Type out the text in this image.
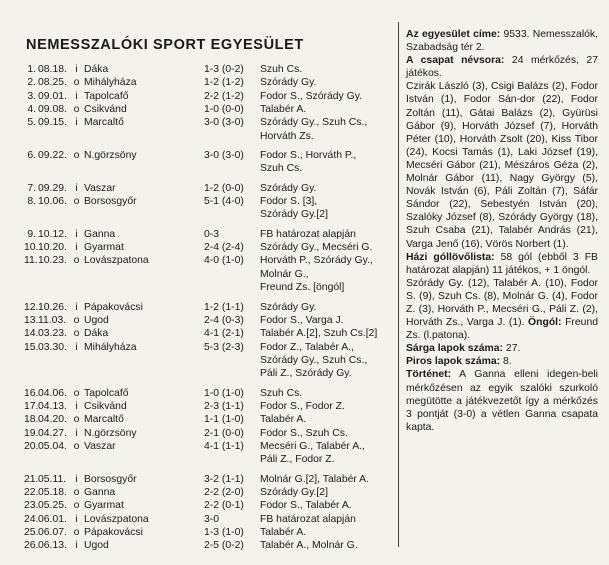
NEMESSZALÓKI SPORT EGYESÜLET
1. 08.18. i Dáka	1-3 (0-2)	Szuh Cs.
2. 08.25. o Mihályháza	1-2 (1-2)	Szórády Gy.
3. 09.01. i Tapolcafő	2-2 (1-2)	Fodor S., Szórády Gy.
4. 09.08. o Csikvánd	1-0 (0-0)	Talabér A.
5. 09.15. i Marcaltő	3-0 (3-0)	Szórády Gy., Szuh Cs.,
Horváth Zs.
6. 09.22. o N.görzsöny	3-0 (3-0)	Fodor S., Horváth P.,
Szuh Cs.
7. 09.29. i Vaszar	1-2 (0-0)	Szórády Gy.
8. 10.06. o Borsosgyőr	5-1 (4-0)	Fodor S. [3],
Szórády Gy.[2]
9. 10.12. i Ganna	0-3	FB határozat alapján
10. 10.20. i Gyarmat	2-4 (2-4)	Szórády Gy., Mecséri G.
11. 10.23. o Lovászpatona	4-0 (1-0)	Horváth P., Szórády Gy.,
Molnár G.,
Freund Zs. [öngól]
12. 10.26. i Pápakovácsi	1-2 (1-1)	Szórády Gy.
13. 11.03. o Ugod	2-4 (0-3)	Fodor S., Varga J.
14. 03.23. o Dáka	4-1 (2-1)	Talabér A.[2], Szuh Cs.[2]
15. 03.30. i Mihályháza	5-3 (2-3)	Fodor Z., Talabér A.,
Szórády Gy., Szuh Cs.,
Páli Z., Szórády Gy.
16. 04.06. o Tapolcafő	1-0 (1-0)	Szuh Cs.
17. 04.13. i Csikvánd	2-3 (1-1)	Fodor S., Fodor Z.
18. 04.20. o Marcaltő	1-1 (1-0)	Talabér A.
19. 04.27. i N.görzsöny	2-1 (0-0)	Fodor S., Szuh Cs.
20. 05.04. o Vaszar	4-1 (1-1)	Mecséri G., Talabér A.,
Páli Z., Fodor Z.
21. 05.11. i Borsosgyőr	3-2 (1-1)	Molnár G.[2], Talabér A.
22. 05.18. o Ganna	2-2 (2-0)	Szórády Gy.[2]
23. 05.25. o Gyarmat	2-2 (0-1)	Fodor S., Talabér A.
24. 06.01. i Lovászpatona	3-0	FB határozat alapján
25. 06.07. o Pápakovácsi	1-3 (1-0)	Talabér A.
26. 06.13. i Ugod	2-5 (0-2)	Talabér A., Molnár G.

Az egyesület címe: 9533. Nemesszalók, Szabadság tér 2.

A csapat névsora: 24 mérkőzés, 27 játékos.

Czirák László (3), Csigi Balázs (2), Fodor István (1), Fodor Sán-dor (22), Fodor Zoltán (11), Gátai Balázs (2), Gyürüsi Gábor (9), Horváth József (7), Horváth Péter (10), Horváth Zsolt (20), Kiss Tibor (24), Kocsi Tamás (1), Laki József (19), Mecséri Gábor (21), Mészáros Géza (2), Molnár Gábor (11), Nagy György (5), Novák István (6), Páli Zoltán (7), Sáfár Sándor (22), Sebestyén István (20), Szalóky József (8), Szórády György (18), Szuh Csaba (21), Talabér András (21), Varga Jenő (16), Vörös Norbert (1).

Házi góllövőlista: 58 gól (ebből 3 FB határozat alapján) 11 játékos, + 1 öngól.

Szórády Gy. (12), Talabér A. (10), Fodor S. (9), Szuh Cs. (8), Molnár G. (4), Fodor Z. (3), Horváth P., Mecséri G., Páli Z. (2), Horváth Zs., Varga J. (1). Öngól: Freund Zs. (l.patona).

Sárga lapok száma: 27.

Piros lapok száma: 8.

Történet: A Ganna elleni idegen-beli mérkőzésen az egyik szalóki szurkoló megütötte a játékvezetőt így a mérkőzés 3 pontját (3-0) a vétlen Ganna csapata kapta.
